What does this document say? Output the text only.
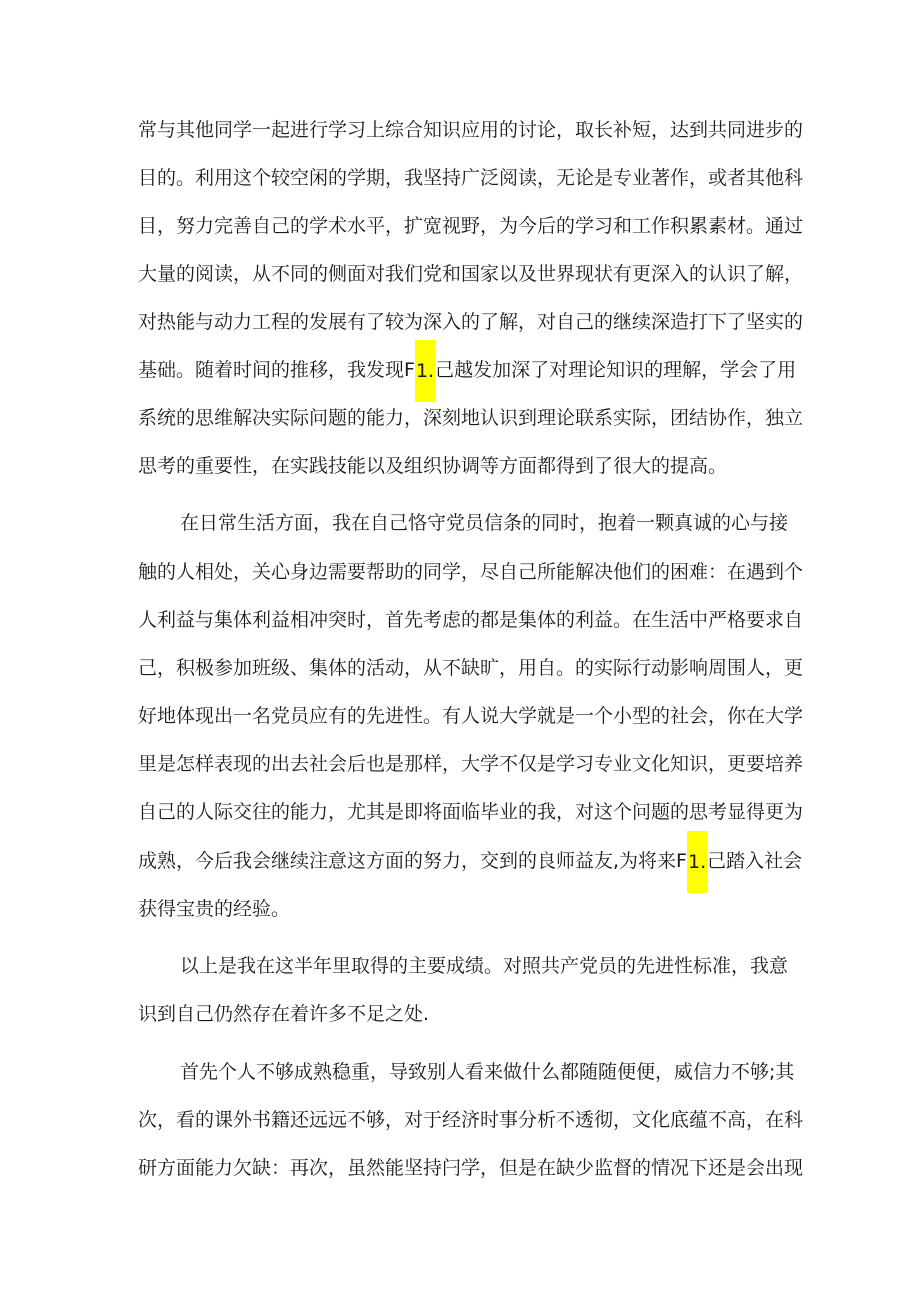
常与其他同学一起进行学习上综合知识应用的讨论，取长补短，达到共同进步的
目的。利用这个较空闲的学期，我坚持广泛阅读，无论是专业著作，或者其他科
目，努力完善自己的学术水平，扩宽视野，为今后的学习和工作积累素材。通过
大量的阅读，从不同的侧面对我们党和国家以及世界现状有更深入的认识了解，
对热能与动力工程的发展有了较为深入的了解，对自己的继续深造打下了坚实的
基础。随着时间的推移，我发现F1.己越发加深了对理论知识的理解，学会了用
系统的思维解决实际问题的能力，深刻地认识到理论联系实际，团结协作，独立
思考的重要性，在实践技能以及组织协调等方面都得到了很大的提高。
在日常生活方面，我在自己恪守党员信条的同时，抱着一颗真诚的心与接
触的人相处，关心身边需要帮助的同学，尽自己所能解决他们的困难：在遇到个
人利益与集体利益相冲突时，首先考虑的都是集体的利益。在生活中严格要求自
己，积极参加班级、集体的活动，从不缺旷，用自。的实际行动影响周围人，更
好地体现出一名党员应有的先进性。有人说大学就是一个小型的社会，你在大学
里是怎样表现的出去社会后也是那样，大学不仅是学习专业文化知识，更要培养
自己的人际交往的能力，尤其是即将面临毕业的我，对这个问题的思考显得更为
成熟，今后我会继续注意这方面的努力，交到的良师益友,为将来F1.己踏入社会
获得宝贵的经验。
以上是我在这半年里取得的主要成绩。对照共产党员的先进性标准，我意
识到自己仍然存在着许多不足之处.
首先个人不够成熟稳重，导致别人看来做什么都随随便便，威信力不够;其
次，看的课外书籍还远远不够，对于经济时事分析不透彻，文化底蕴不高，在科
研方面能力欠缺：再次，虽然能坚持闩学，但是在缺少监督的情况下还是会出现
